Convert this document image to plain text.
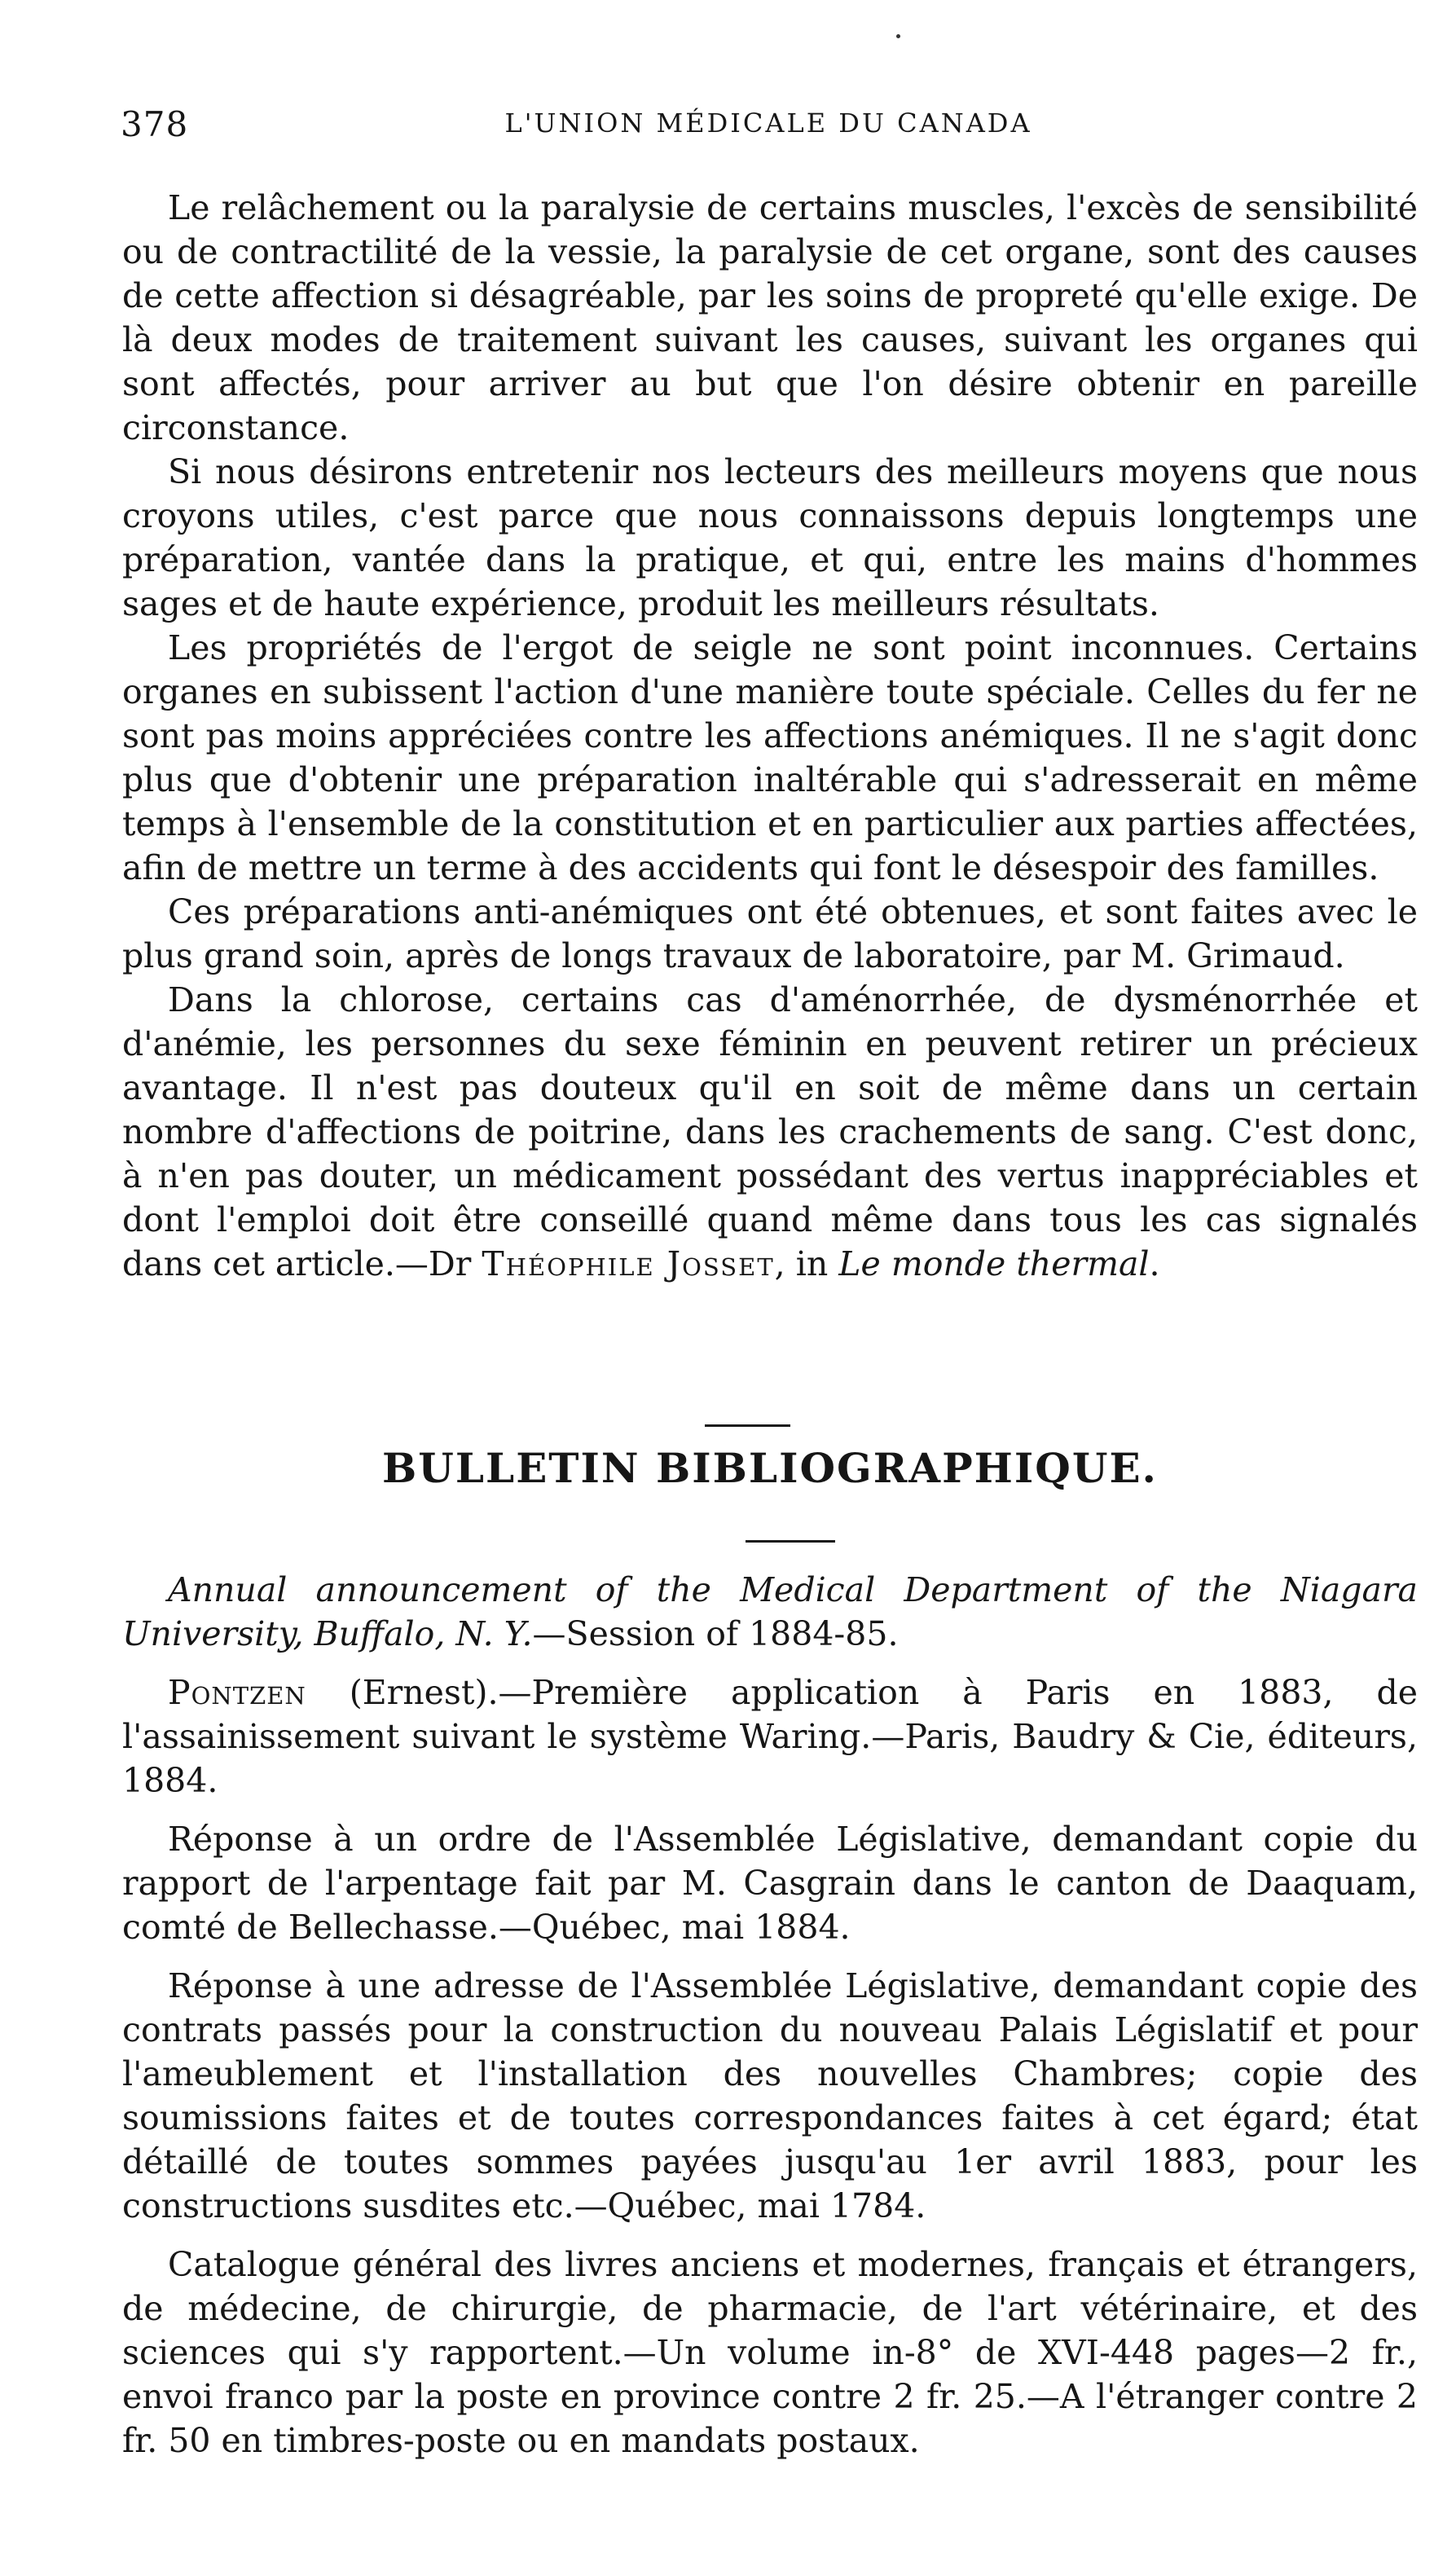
378	L'UNION MÉDICALE DU CANADA

Le relâchement ou la paralysie de certains muscles, l'excès de sensibilité ou de contractilité de la vessie, la paralysie de cet organe, sont des causes de cette affection si désagréable, par les soins de propreté qu'elle exige. De là deux modes de traitement suivant les causes, suivant les organes qui sont affectés, pour arriver au but que l'on désire obtenir en pareille circonstance.

Si nous désirons entretenir nos lecteurs des meilleurs moyens que nous croyons utiles, c'est parce que nous connaissons depuis longtemps une préparation, vantée dans la pratique, et qui, entre les mains d'hommes sages et de haute expérience, produit les meilleurs résultats.

Les propriétés de l'ergot de seigle ne sont point inconnues. Certains organes en subissent l'action d'une manière toute spéciale. Celles du fer ne sont pas moins appréciées contre les affections anémiques. Il ne s'agit donc plus que d'obtenir une préparation inaltérable qui s'adresserait en même temps à l'ensemble de la constitution et en particulier aux parties affectées, afin de mettre un terme à des accidents qui font le désespoir des familles.

Ces préparations anti-anémiques ont été obtenues, et sont faites avec le plus grand soin, après de longs travaux de laboratoire, par M. Grimaud.

Dans la chlorose, certains cas d'aménorrhée, de dysménorrhée et d'anémie, les personnes du sexe féminin en peuvent retirer un précieux avantage. Il n'est pas douteux qu'il en soit de même dans un certain nombre d'affections de poitrine, dans les crachements de sang. C'est donc, à n'en pas douter, un médicament possédant des vertus inappréciables et dont l'emploi doit être conseillé quand même dans tous les cas signalés dans cet article.—Dr Théophile Josset, in Le monde thermal.

BULLETIN BIBLIOGRAPHIQUE.

Annual announcement of the Medical Department of the Niagara University, Buffalo, N. Y.—Session of 1884-85.

Pontzen (Ernest).—Première application à Paris en 1883, de l'assainissement suivant le système Waring.—Paris, Baudry & Cie, éditeurs, 1884.

Réponse à un ordre de l'Assemblée Législative, demandant copie du rapport de l'arpentage fait par M. Casgrain dans le canton de Daaquam, comté de Bellechasse.—Québec, mai 1884.

Réponse à une adresse de l'Assemblée Législative, demandant copie des contrats passés pour la construction du nouveau Palais Législatif et pour l'ameublement et l'installation des nouvelles Chambres; copie des soumissions faites et de toutes correspondances faites à cet égard; état détaillé de toutes sommes payées jusqu'au 1er avril 1883, pour les constructions susdites etc.—Québec, mai 1784.

Catalogue général des livres anciens et modernes, français et étrangers, de médecine, de chirurgie, de pharmacie, de l'art vétérinaire, et des sciences qui s'y rapportent.—Un volume in-8° de XVI-448 pages—2 fr., envoi franco par la poste en province contre 2 fr. 25.—A l'étranger contre 2 fr. 50 en timbres-poste ou en mandats postaux.
